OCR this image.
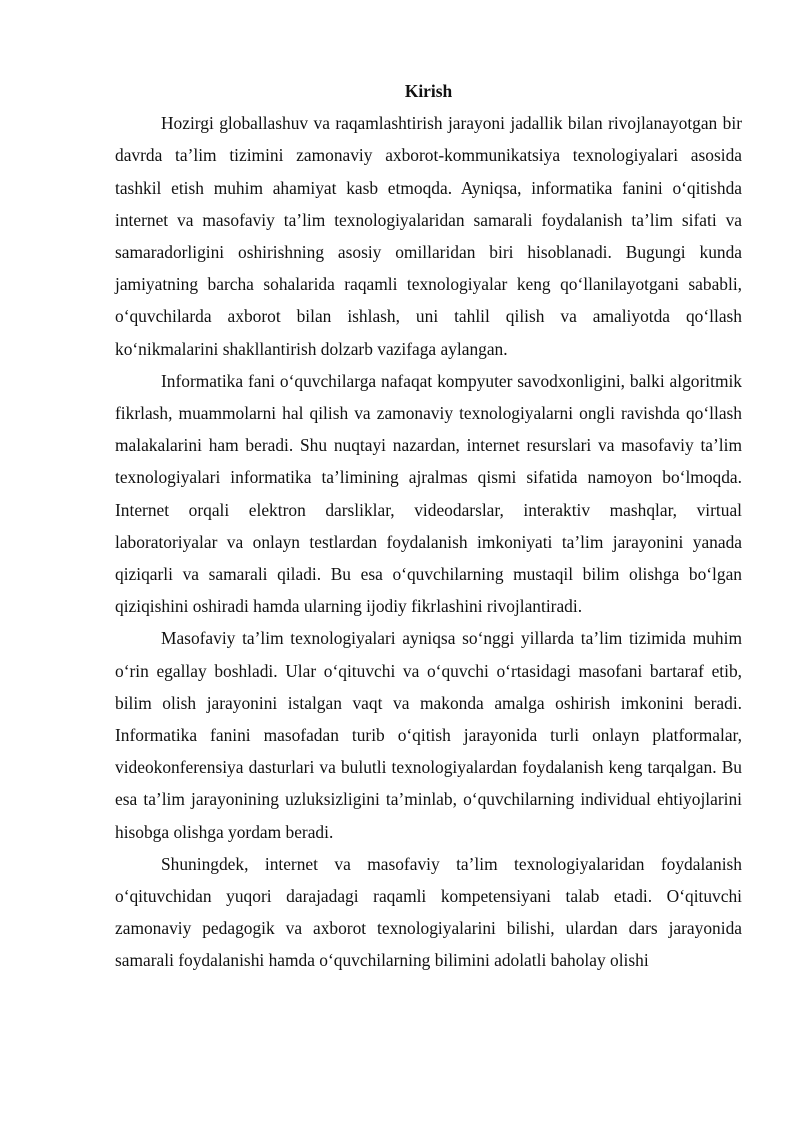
Kirish

Hozirgi globallashuv va raqamlashtirish jarayoni jadallik bilan rivojlanayotgan bir davrda ta’lim tizimini zamonaviy axborot-kommunikatsiya texnologiyalari asosida tashkil etish muhim ahamiyat kasb etmoqda. Ayniqsa, informatika fanini o‘qitishda internet va masofaviy ta’lim texnologiyalaridan samarali foydalanish ta’lim sifati va samaradorligini oshirishning asosiy omillaridan biri hisoblanadi. Bugungi kunda jamiyatning barcha sohalarida raqamli texnologiyalar keng qo‘llanilayotgani sababli, o‘quvchilarda axborot bilan ishlash, uni tahlil qilish va amaliyotda qo‘llash ko‘nikmalarini shakllantirish dolzarb vazifaga aylangan.

Informatika fani o‘quvchilarga nafaqat kompyuter savodxonligini, balki algoritmik fikrlash, muammolarni hal qilish va zamonaviy texnologiyalarni ongli ravishda qo‘llash malakalarini ham beradi. Shu nuqtayi nazardan, internet resurslari va masofaviy ta’lim texnologiyalari informatika ta’limining ajralmas qismi sifatida namoyon bo‘lmoqda. Internet orqali elektron darsliklar, videodarslar, interaktiv mashqlar, virtual laboratoriyalar va onlayn testlardan foydalanish imkoniyati ta’lim jarayonini yanada qiziqarli va samarali qiladi. Bu esa o‘quvchilarning mustaqil bilim olishga bo‘lgan qiziqishini oshiradi hamda ularning ijodiy fikrlashini rivojlantiradi.

Masofaviy ta’lim texnologiyalari ayniqsa so‘nggi yillarda ta’lim tizimida muhim o‘rin egallay boshladi. Ular o‘qituvchi va o‘quvchi o‘rtasidagi masofani bartaraf etib, bilim olish jarayonini istalgan vaqt va makonda amalga oshirish imkonini beradi. Informatika fanini masofadan turib o‘qitish jarayonida turli onlayn platformalar, videokonferensiya dasturlari va bulutli texnologiyalardan foydalanish keng tarqalgan. Bu esa ta’lim jarayonining uzluksizligini ta’minlab, o‘quvchilarning individual ehtiyojlarini hisobga olishga yordam beradi.

Shuningdek, internet va masofaviy ta’lim texnologiyalaridan foydalanish o‘qituvchidan yuqori darajadagi raqamli kompetensiyani talab etadi. O‘qituvchi zamonaviy pedagogik va axborot texnologiyalarini bilishi, ulardan dars jarayonida samarali foydalanishi hamda o‘quvchilarning bilimini adolatli baholay olishi
